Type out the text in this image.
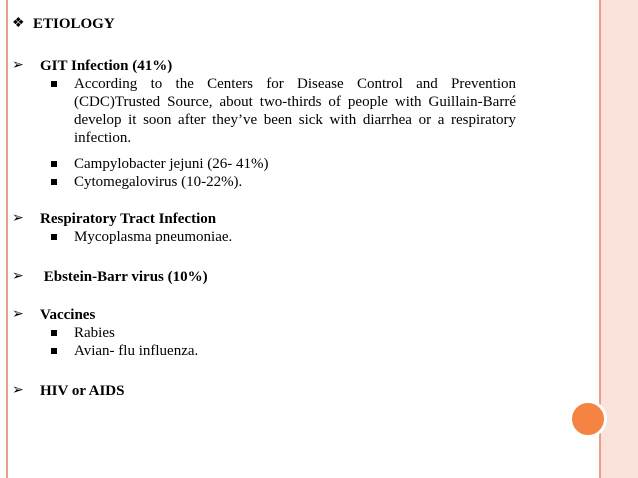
❖ ETIOLOGY
➢ GIT Infection (41%)
According to the Centers for Disease Control and Prevention (CDC)Trusted Source, about two-thirds of people with Guillain-Barré develop it soon after they’ve been sick with diarrhea or a respiratory infection.
Campylobacter jejuni (26- 41%)
Cytomegalovirus (10-22%).
➢ Respiratory Tract Infection
Mycoplasma pneumoniae.
➢ Ebstein-Barr virus (10%)
➢ Vaccines
Rabies
Avian- flu influenza.
➢ HIV or AIDS
